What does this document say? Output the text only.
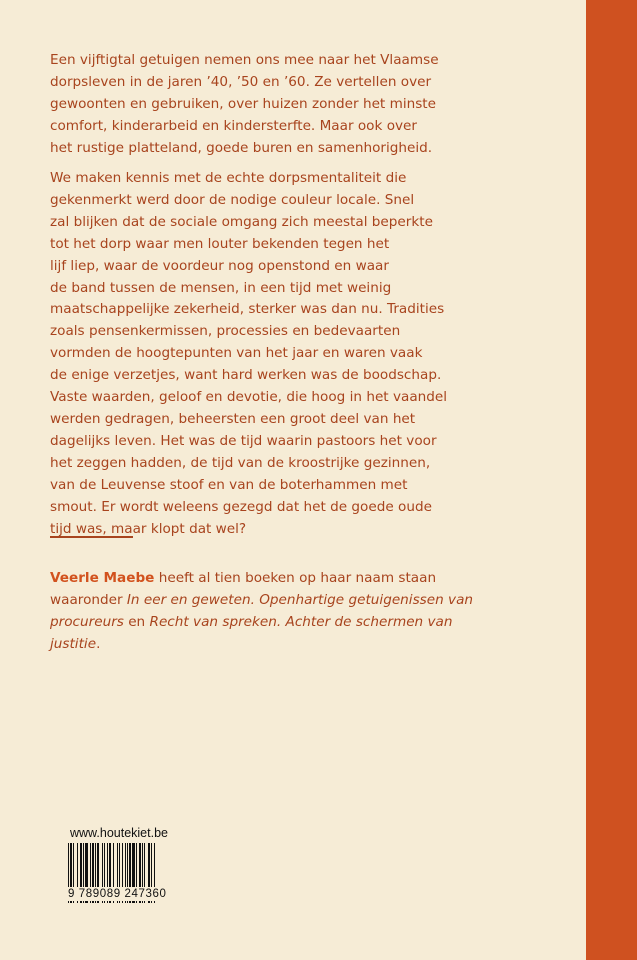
Een vijftigtal getuigen nemen ons mee naar het Vlaamse
dorpsleven in de jaren ’40, ’50 en ’60. Ze vertellen over
gewoonten en gebruiken, over huizen zonder het minste
comfort, kinderarbeid en kindersterfte. Maar ook over
het rustige platteland, goede buren en samenhorigheid.

We maken kennis met de echte dorpsmentaliteit die
gekenmerkt werd door de nodige couleur locale. Snel
zal blijken dat de sociale omgang zich meestal beperkte
tot het dorp waar men louter bekenden tegen het
lijf liep, waar de voordeur nog openstond en waar
de band tussen de mensen, in een tijd met weinig
maatschappelijke zekerheid, sterker was dan nu. Tradities
zoals pensenkermissen, processies en bedevaarten
vormden de hoogtepunten van het jaar en waren vaak
de enige verzetjes, want hard werken was de boodschap.
Vaste waarden, geloof en devotie, die hoog in het vaandel
werden gedragen, beheersten een groot deel van het
dagelijks leven. Het was de tijd waarin pastoors het voor
het zeggen hadden, de tijd van de kroostrijke gezinnen,
van de Leuvense stoof en van de boterhammen met
smout. Er wordt weleens gezegd dat het de goede oude
tijd was, maar klopt dat wel?

Veerle Maebe heeft al tien boeken op haar naam staan
waaronder In eer en geweten. Openhartige getuigenissen van
procureurs en Recht van spreken. Achter de schermen van
justitie.

www.houtekiet.be
9 789089 247360
